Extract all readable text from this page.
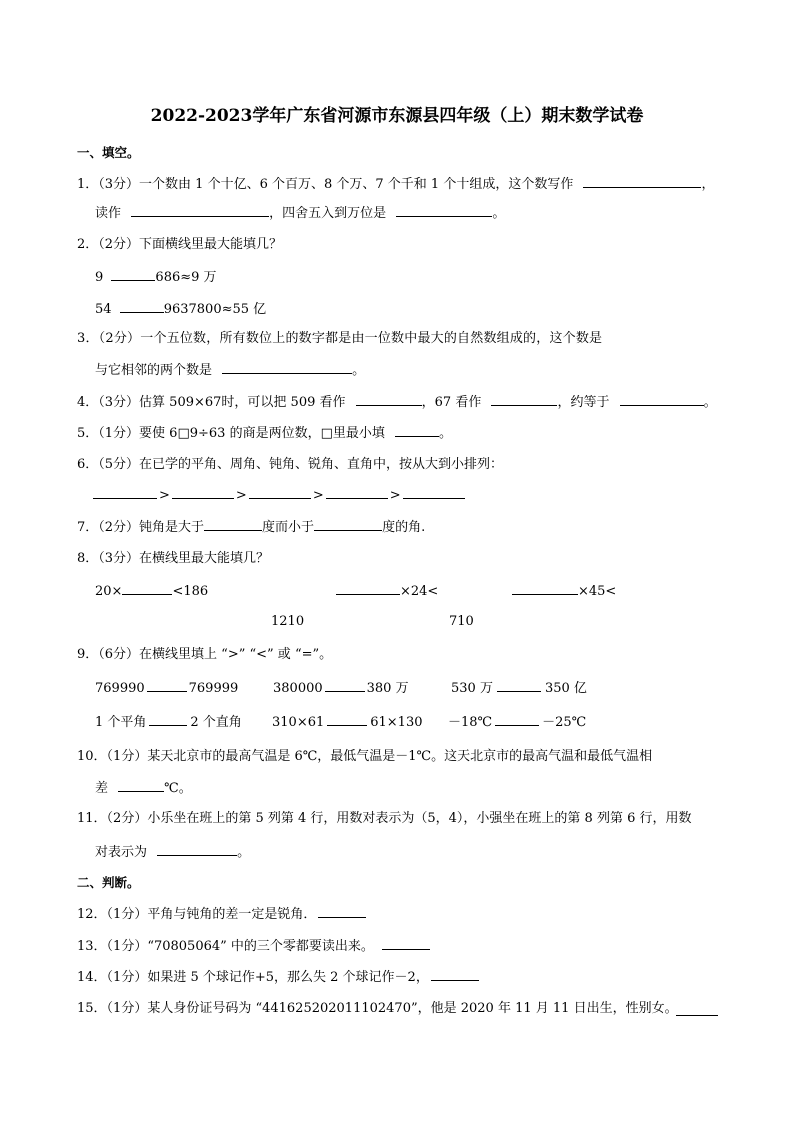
2022-2023学年广东省河源市东源县四年级（上）期末数学试卷
一、填空。
1．（3分）一个数由 1 个十亿、6 个百万、8 个万、7 个千和 1 个十组成，这个数写作	，
读作	，四舍五入到万位是	。
2．（2分）下面横线里最大能填几？
9	686≈9 万
54	9637800≈55 亿
3．（2分）一个五位数，所有数位上的数字都是由一位数中最大的自然数组成的，这个数是
与它相邻的两个数是	。
4．（3分）估算 509×67时，可以把 509 看作	，67 看作	，约等于	。
5．（1分）要使 6□9÷63 的商是两位数，□里最小填	。
6．（5分）在已学的平角、周角、钝角、锐角、直角中，按从大到小排列：
>	>	>	>
7．（2分）钝角是大于	度而小于	度的角.
8．（3分）在横线里最大能填几？
20×	<186	×24<	×45<
1210	710
9．（6分）在横线里填上 “>” “<” 或 “=”。
769990	769999	380000	380 万	530 万	350 亿
1 个平角	2 个直角 310×61	61×130 －18℃	－25℃
10．（1分）某天北京市的最高气温是 6℃，最低气温是－1℃。这天北京市的最高气温和最低气温相
差	℃。
11．（2分）小乐坐在班上的第 5 列第 4 行，用数对表示为（5，4），小强坐在班上的第 8 列第 6 行，用数
对表示为	。
二、判断。
12．（1分）平角与钝角的差一定是锐角．
13．（1分）“70805064” 中的三个零都要读出来。
14．（1分）如果进 5 个球记作+5，那么失 2 个球记作－2，
15．（1分）某人身份证号码为 “441625202011102470”，他是 2020 年 11 月 11 日出生，性别女。
